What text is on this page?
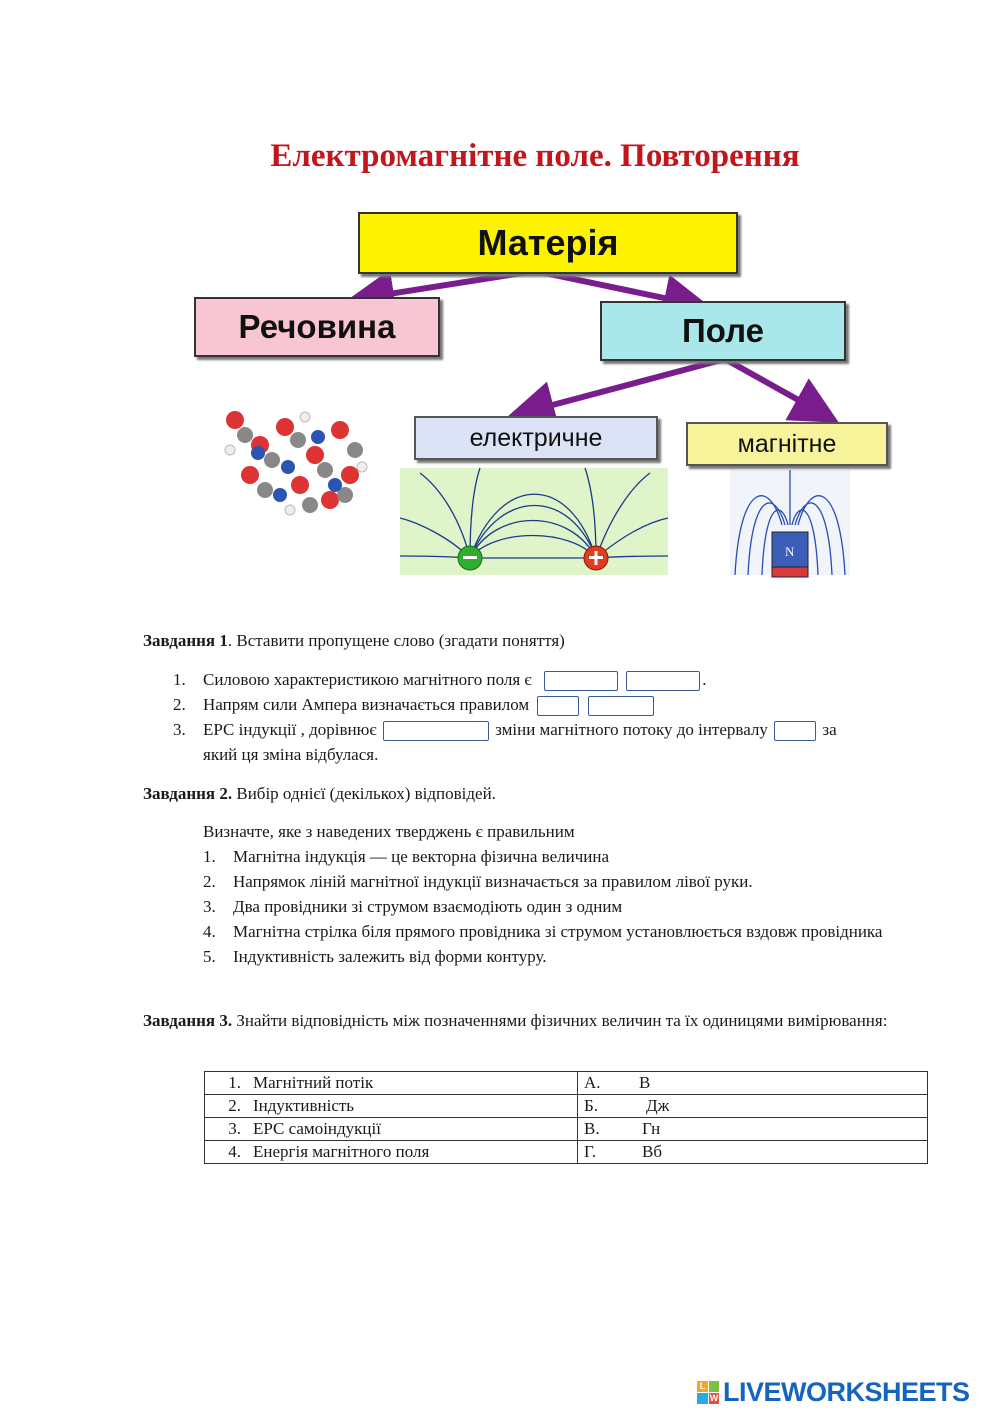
Електромагнітне поле. Повторення
N
Матерія
Речовина	Поле
електричне	магнітне
Завдання 1. Вставити пропущене слово (згадати поняття)
1. Силовою характеристикою магнітного поля є	.
2. Напрям сили Ампера визначається правилом
3. ЕРС індукції , дорівнює	зміни магнітного потоку до інтервалу	за
який ця зміна відбулася.
Завдання 2. Вибір однієї (декількох) відповідей.
Визначте, яке з наведених тверджень є правильним
1. Магнітна індукція — це векторна фізична величина
2. Напрямок ліній магнітної індукції визначається за правилом лівої руки.
3. Два провідники зі струмом взаємодіють один з одним
4. Магнітна стрілка біля прямого провідника зі струмом установлюється вздовж провідника
5. Індуктивність залежить від форми контуру.
Завдання 3. Знайти відповідність між позначеннями фізичних величин та їх одиницями вимірювання:
1. Магнітний потік	А. В
2. Індуктивність	Б. Дж
3. ЕРС самоіндукції	В. Гн
4. Енергія магнітного поля	Г. Вб
L
W LIVEWORKSHEETS
